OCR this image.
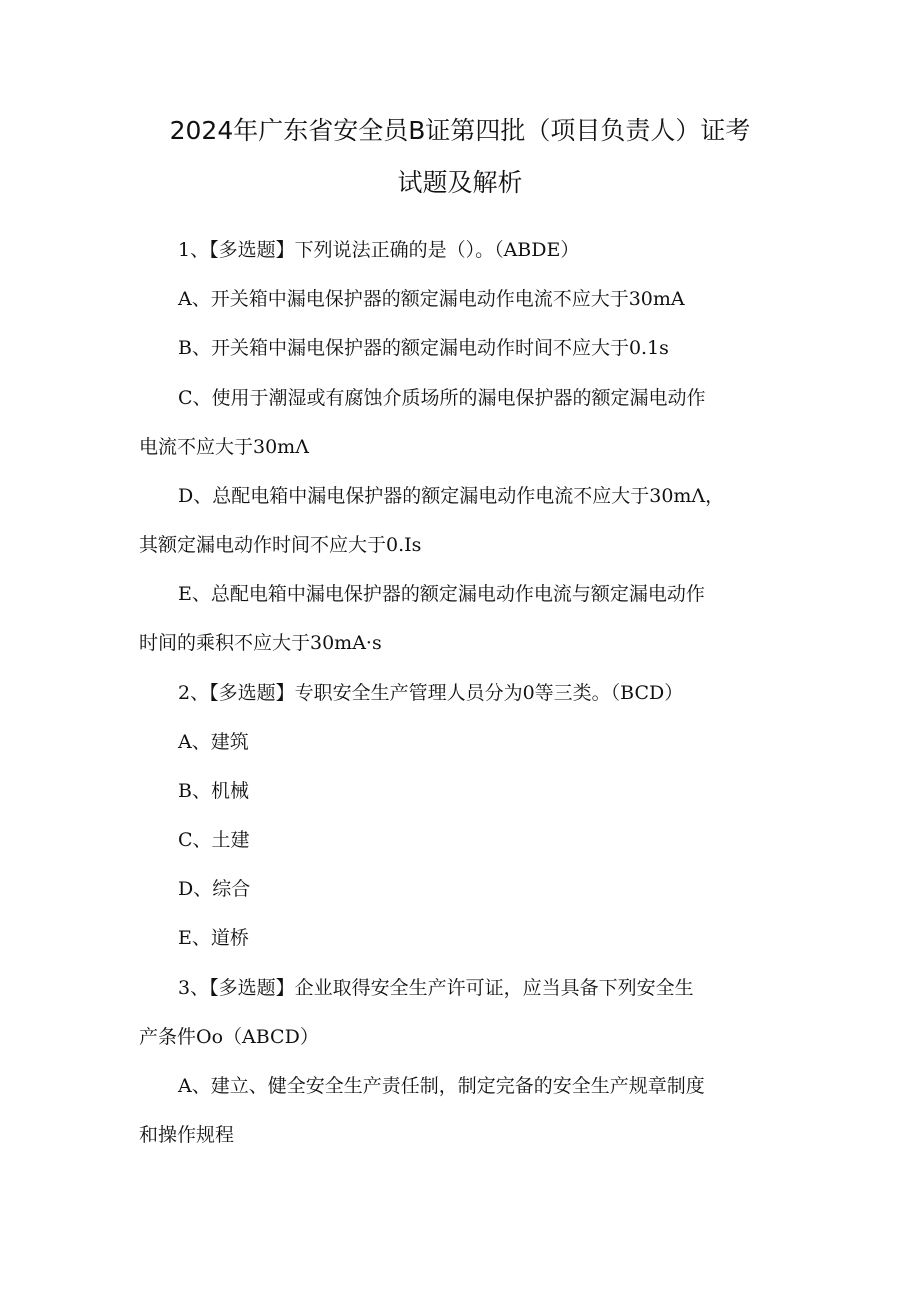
2024年广东省安全员B证第四批（项目负责人）证考
试题及解析
1、【多选题】下列说法正确的是（）。（ABDE）
A、开关箱中漏电保护器的额定漏电动作电流不应大于30mA
B、开关箱中漏电保护器的额定漏电动作时间不应大于0.1s
C、使用于潮湿或有腐蚀介质场所的漏电保护器的额定漏电动作
电流不应大于30mΛ
D、总配电箱中漏电保护器的额定漏电动作电流不应大于30mΛ，
其额定漏电动作时间不应大于0.Is
E、总配电箱中漏电保护器的额定漏电动作电流与额定漏电动作
时间的乘积不应大于30mA·s
2、【多选题】专职安全生产管理人员分为0等三类。（BCD）
A、建筑
B、机械
C、土建
D、综合
E、道桥
3、【多选题】企业取得安全生产许可证，应当具备下列安全生
产条件Oo（ABCD）
A、建立、健全安全生产责任制，制定完备的安全生产规章制度
和操作规程
